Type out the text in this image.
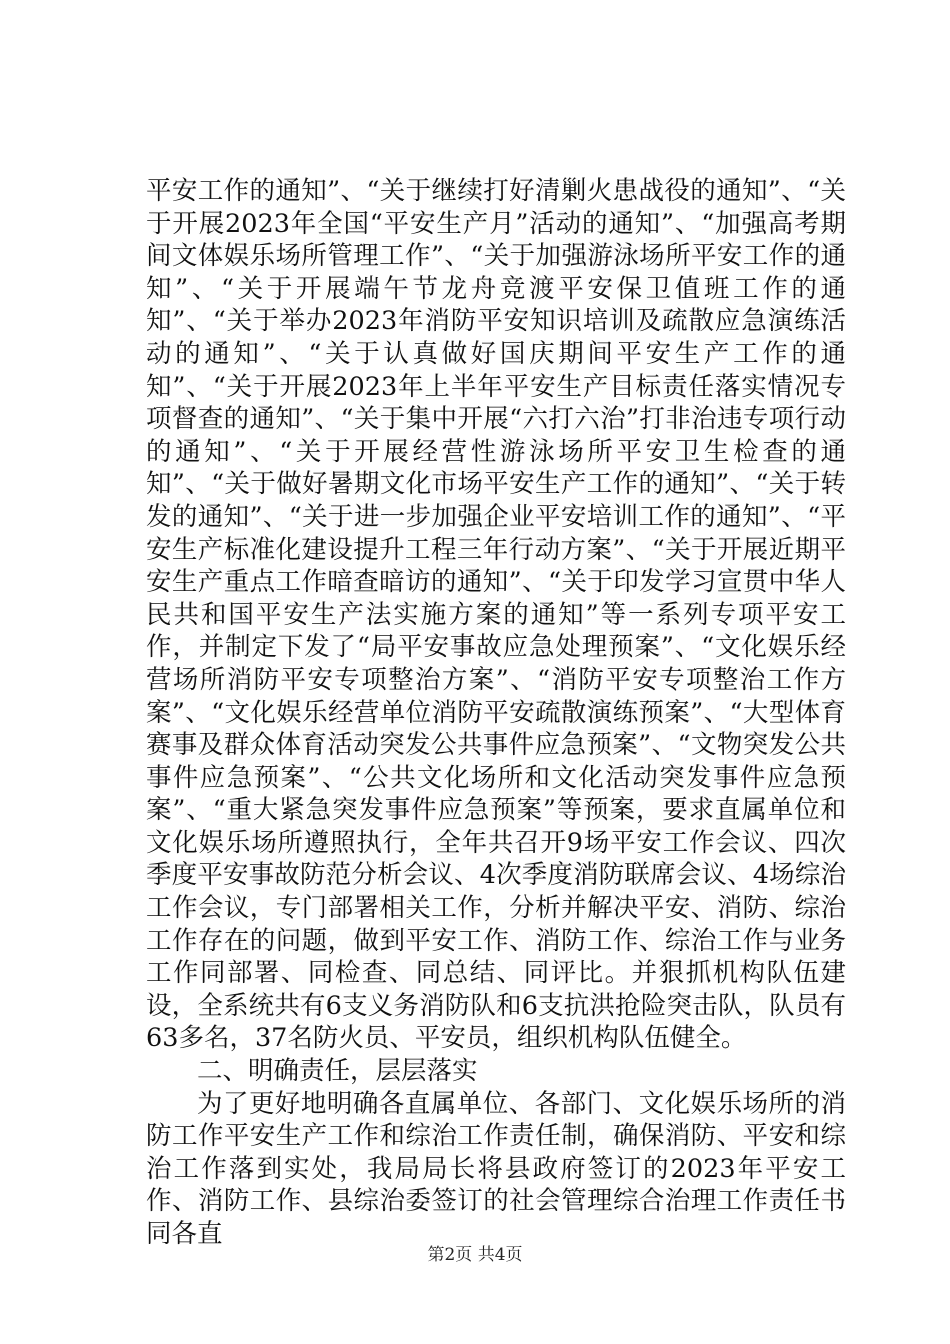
平安工作的通知”、“关于继续打好清剿火患战役的通知”、“关于开展2023年全国“平安生产月”活动的通知”、“加强高考期间文体娱乐场所管理工作”、“关于加强游泳场所平安工作的通知”、“关于开展端午节龙舟竞渡平安保卫值班工作的通知”、“关于举办2023年消防平安知识培训及疏散应急演练活动的通知”、“关于认真做好国庆期间平安生产工作的通知”、“关于开展2023年上半年平安生产目标责任落实情况专项督查的通知”、“关于集中开展“六打六治”打非治违专项行动的通知”、“关于开展经营性游泳场所平安卫生检查的通知”、“关于做好暑期文化市场平安生产工作的通知”、“关于转发的通知”、“关于进一步加强企业平安培训工作的通知”、“平安生产标准化建设提升工程三年行动方案”、“关于开展近期平安生产重点工作暗查暗访的通知”、“关于印发学习宣贯中华人民共和国平安生产法实施方案的通知”等一系列专项平安工作，并制定下发了“局平安事故应急处理预案”、“文化娱乐经营场所消防平安专项整治方案”、“消防平安专项整治工作方案”、“文化娱乐经营单位消防平安疏散演练预案”、“大型体育赛事及群众体育活动突发公共事件应急预案”、“文物突发公共事件应急预案”、“公共文化场所和文化活动突发事件应急预案”、“重大紧急突发事件应急预案”等预案，要求直属单位和文化娱乐场所遵照执行，全年共召开9场平安工作会议、四次季度平安事故防范分析会议、4次季度消防联席会议、4场综治工作会议，专门部署相关工作，分析并解决平安、消防、综治工作存在的问题，做到平安工作、消防工作、综治工作与业务工作同部署、同检查、同总结、同评比。并狠抓机构队伍建设，全系统共有6支义务消防队和6支抗洪抢险突击队，队员有63多名，37名防火员、平安员，组织机构队伍健全。

二、明确责任，层层落实

为了更好地明确各直属单位、各部门、文化娱乐场所的消防工作平安生产工作和综治工作责任制，确保消防、平安和综治工作落到实处，我局局长将县政府签订的2023年平安工作、消防工作、县综治委签订的社会管理综合治理工作责任书同各直

第2页 共4页
